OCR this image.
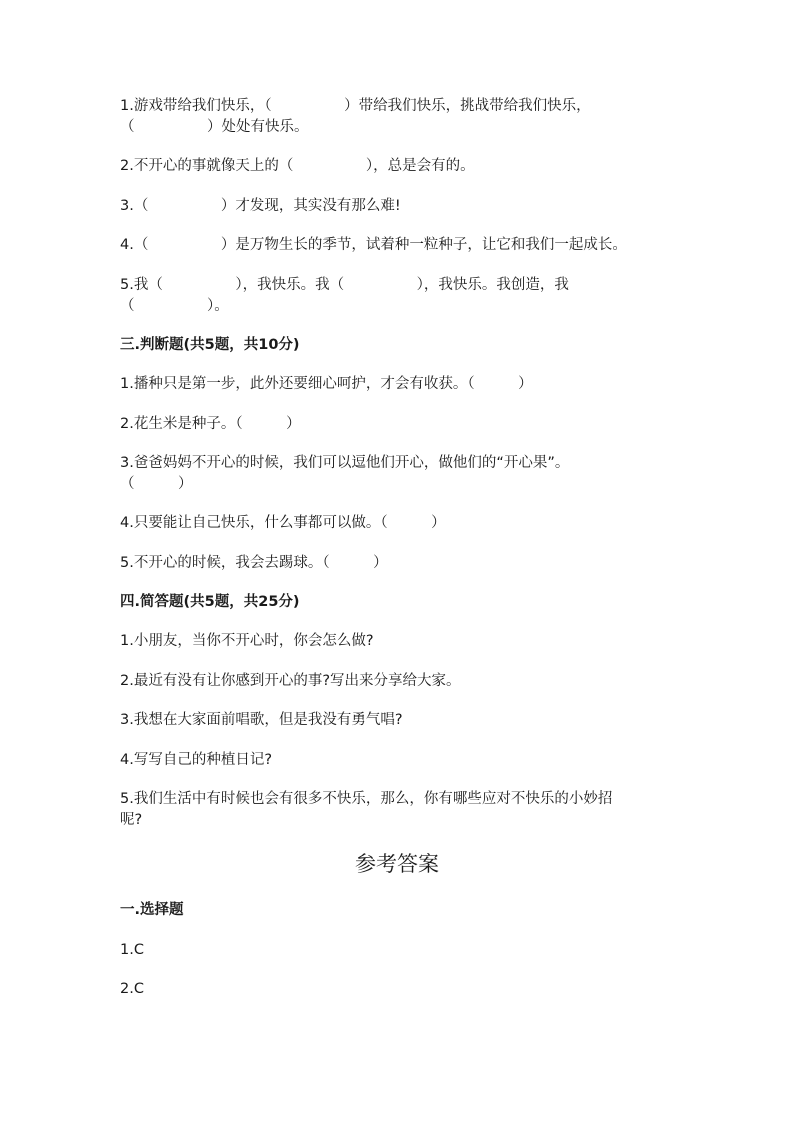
1.游戏带给我们快乐，（　　　　　）带给我们快乐，挑战带给我们快乐，
（　　　　　）处处有快乐。
2.不开心的事就像天上的（　　　　　），总是会有的。
3.（　　　　　）才发现，其实没有那么难!
4.（　　　　　）是万物生长的季节，试着种一粒种子，让它和我们一起成长。
5.我（　　　　　），我快乐。我（　　　　　），我快乐。我创造，我
（　　　　　）。
三.判断题(共5题，共10分)
1.播种只是第一步，此外还要细心呵护，才会有收获。（　　　）
2.花生米是种子。（　　　）
3.爸爸妈妈不开心的时候，我们可以逗他们开心，做他们的“开心果”。
（　　　）
4.只要能让自己快乐，什么事都可以做。（　　　）
5.不开心的时候，我会去踢球。（　　　）
四.简答题(共5题，共25分)
1.小朋友，当你不开心时，你会怎么做?
2.最近有没有让你感到开心的事?写出来分享给大家。
3.我想在大家面前唱歌，但是我没有勇气唱?
4.写写自己的种植日记?
5.我们生活中有时候也会有很多不快乐，那么，你有哪些应对不快乐的小妙招
呢?
参考答案
一.选择题
1.C
2.C
